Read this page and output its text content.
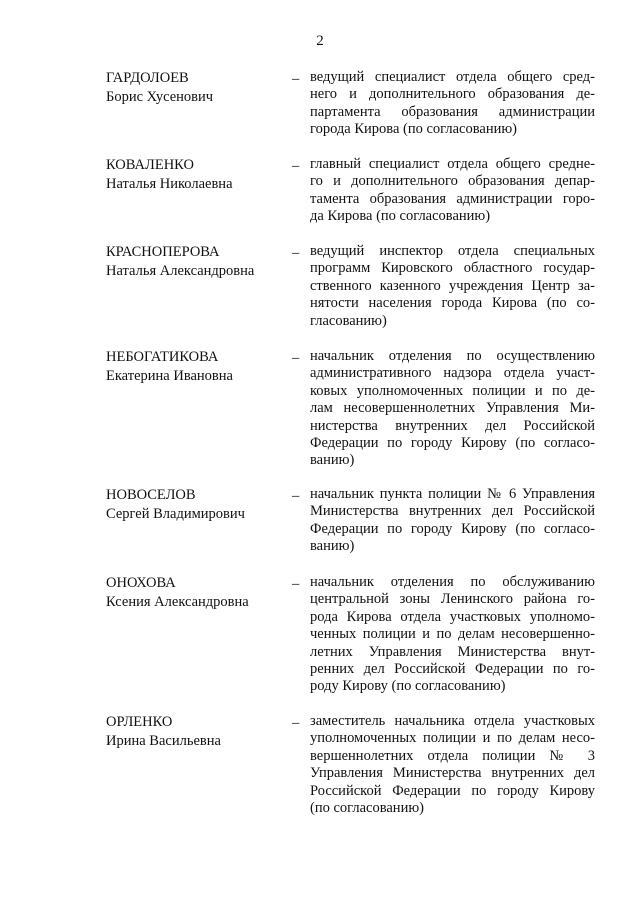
2
ГАРДОЛОЕВ
Борис Хусенович
– ведущий специалист отдела общего сред-
него и дополнительного образования де-
партамента образования администрации
города Кирова (по согласованию)
КОВАЛЕНКО
Наталья Николаевна
– главный специалист отдела общего средне-
го и дополнительного образования депар-
тамента образования администрации горо-
да Кирова (по согласованию)
КРАСНОПЕРОВА
Наталья Александровна
– ведущий инспектор отдела специальных
программ Кировского областного государ-
ственного казенного учреждения Центр за-
нятости населения города Кирова (по со-
гласованию)
НЕБОГАТИКОВА
Екатерина Ивановна
– начальник отделения по осуществлению
административного надзора отдела участ-
ковых уполномоченных полиции и по де-
лам несовершеннолетних Управления Ми-
нистерства внутренних дел Российской
Федерации по городу Кирову (по согласо-
ванию)
НОВОСЕЛОВ
Сергей Владимирович
– начальник пункта полиции № 6 Управления
Министерства внутренних дел Российской
Федерации по городу Кирову (по согласо-
ванию)
ОНОХОВА
Ксения Александровна
– начальник отделения по обслуживанию
центральной зоны Ленинского района го-
рода Кирова отдела участковых уполномо-
ченных полиции и по делам несовершенно-
летних Управления Министерства внут-
ренних дел Российской Федерации по го-
роду Кирову (по согласованию)
ОРЛЕНКО
Ирина Васильевна
– заместитель начальника отдела участковых
уполномоченных полиции и по делам несо-
вершеннолетних отдела полиции № 3
Управления Министерства внутренних дел
Российской Федерации по городу Кирову
(по согласованию)
